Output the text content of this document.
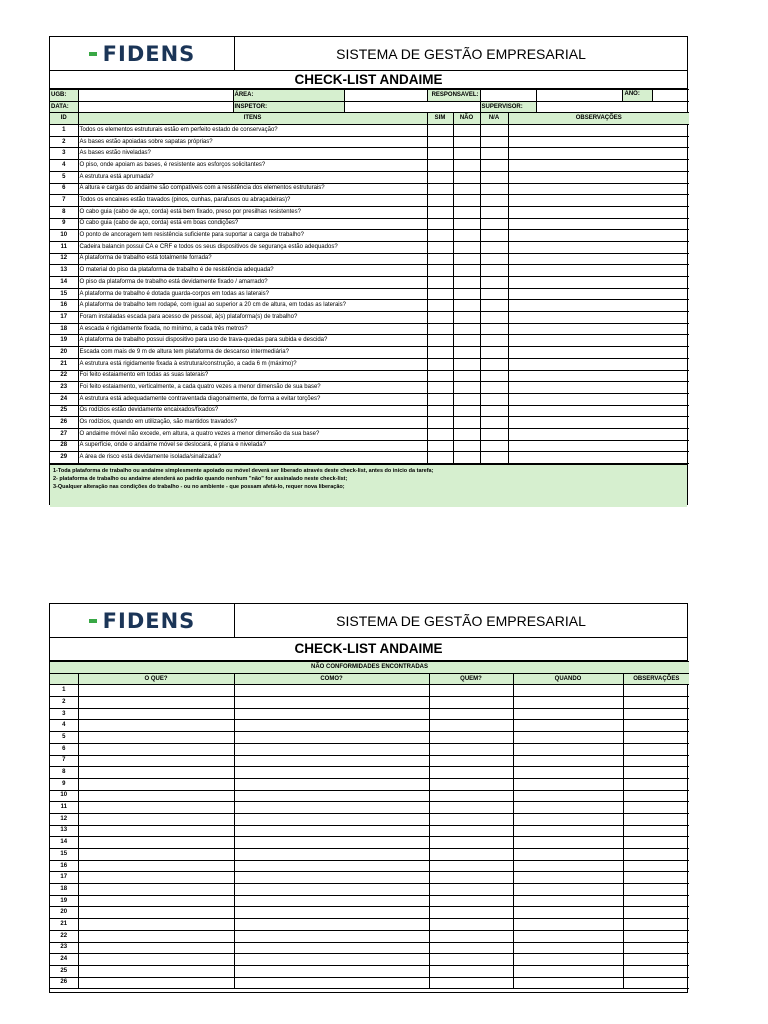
FIDENS	SISTEMA DE GESTÃO EMPRESARIAL
CHECK-LIST ANDAIME
UGB:		ÁREA:		RESPONSAVEL:				ANO:

DATA:		INSPETOR:				SUPERVISOR:		
ID	ITENS			SIM	NÃO	N/A	OBSERVAÇÕES	
1	Todos os elementos estruturais estão em perfeito estado de conservação?							
2	As bases estão apoiadas sobre sapatas próprias?							
3	As bases estão niveladas?							
4	O piso, onde apoiam as bases, é resistente aos esforços solicitantes?							
5	A estrutura está aprumada?							
6	A altura e cargas do andaime são compatíveis com a resistência dos elementos estruturais?							
7	Todos os encaixes estão travados (pinos, cunhas, parafusos ou abraçadeiras)?							
8	O cabo guia (cabo de aço, corda) está bem fixado, preso por presilhas resistentes?							
9	O cabo guia (cabo de aço, corda) está em boas condições?							
10	O ponto de ancoragem tem resistência suficiente para suportar a carga de trabalho?							
11	Cadeira balancin possui CA e CRF e todos os seus dispositivos de segurança estão adequados?							
12	A plataforma de trabalho está totalmente forrada?							
13	O material do piso da plataforma de trabalho é de resistência adequada?							
14	O piso da plataforma de trabalho está devidamente fixado / amarrado?							
15	A plataforma de trabalho é dotada guarda-corpos em todas as laterais?							
16	A plataforma de trabalho tem rodapé, com igual ao superior a 20 cm de altura, em todas as laterais?							
17	Foram instaladas escada para acesso de pessoal, à(s) plataforma(s) de trabalho?							
18	A escada é rigidamente fixada, no mínimo, a cada três metros?							
19	A plataforma de trabalho possui dispositivo para uso de trava-quedas para subida e descida?							
20	Escada com mais de 9 m de altura tem plataforma de descanso intermediária?							
21	A estrutura está rigidamente fixada à estrutura/construção, a cada 6 m (máximo)?							
22	Foi feito estaiamento em todas as suas laterais?							
23	Foi feito estaiamento, verticalmente, a cada quatro vezes a menor dimensão de sua base?							
24	A estrutura está adequadamente contraventada diagonalmente, de forma a evitar torções?							
25	Os rodízios estão devidamente encaixados/fixados?							
26	Os rodízios, quando em utilização, são mantidos travados?							
27	O andaime móvel não excede, em altura, a quatro vezes a menor dimensão da sua base?							
28	A superfície, onde o andaime móvel se deslocará, é plana e nivelada?							
29	A área de risco está devidamente isolada/sinalizada?							
1-Toda plataforma de trabalho ou andaime simplesmente apoiado ou móvel deverá ser liberado através deste check-list, antes do início da tarefa;
2- plataforma de trabalho ou andaime atenderá ao padrão quando nenhum "não" for assinalado neste check-list;
3-Qualquer alteração nas condições do trabalho - ou no ambiente - que possam afetá-lo, requer nova liberação;
FIDENS	SISTEMA DE GESTÃO EMPRESARIAL
CHECK-LIST ANDAIME
NÃO CONFORMIDADES ENCONTRADAS					
	O QUE?	COMO?	QUEM?	QUANDO	OBSERVAÇÕES
1					
2					
3					
4					
5					
6					
7					
8					
9					
10					
11					
12					
13					
14					
15					
16					
17					
18					
19					
20					
21					
22					
23					
24					
25					
26					
